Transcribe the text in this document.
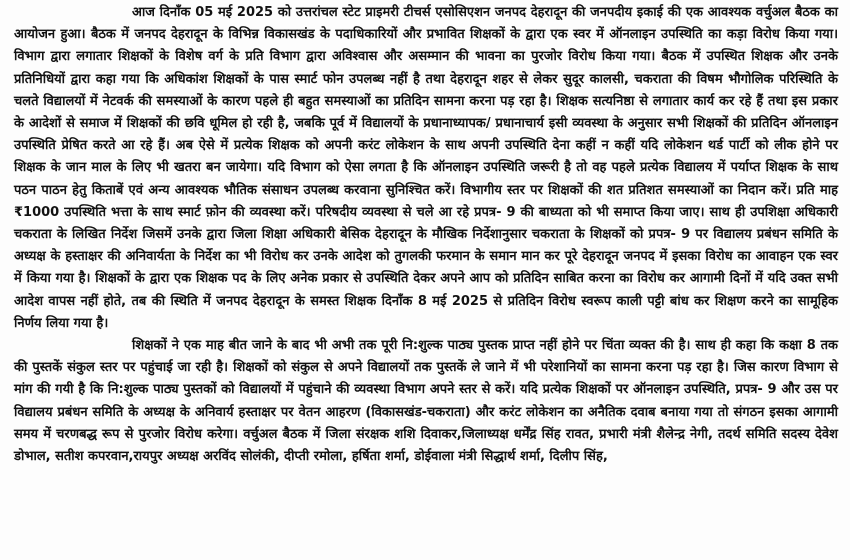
आज दिनाँक 05 मई 2025 को उत्तरांचल स्टेट प्राइमरी टीचर्स एसोसिएशन जनपद देहरादून की जनपदीय इकाई की एक आवश्यक वर्चुअल बैठक का आयोजन हुआ। बैठक में जनपद देहरादून के विभिन्न विकासखंड के पदाधिकारियों और प्रभावित शिक्षकों के द्वारा एक स्वर में ऑनलाइन उपस्थिति का कड़ा विरोध किया गया। विभाग द्वारा लगातार शिक्षकों के विशेष वर्ग के प्रति विभाग द्वारा अविश्वास और असम्मान की भावना का पुरजोर विरोध किया गया। बैठक में उपस्थित शिक्षक और उनके प्रतिनिधियों द्वारा कहा गया कि अधिकांश शिक्षकों के पास स्मार्ट फोन उपलब्ध नहीं है तथा देहरादून शहर से लेकर सुदूर कालसी, चकराता की विषम भौगोलिक परिस्थिति के चलते विद्यालयों में नेटवर्क की समस्याओं के कारण पहले ही बहुत समस्याओं का प्रतिदिन सामना करना पड़ रहा है। शिक्षक सत्यनिष्ठा से लगातार कार्य कर रहे हैं तथा इस प्रकार के आदेशों से समाज में शिक्षकों की छवि धूमिल हो रही है, जबकि पूर्व में विद्यालयों के प्रधानाध्यापक/ प्रधानाचार्य इसी व्यवस्था के अनुसार सभी शिक्षकों की प्रतिदिन ऑनलाइन उपस्थिति प्रेषित करते आ रहे हैं। अब ऐसे में प्रत्येक शिक्षक को अपनी करंट लोकेशन के साथ अपनी उपस्थिति देना कहीं न कहीं यदि लोकेशन थर्ड पार्टी को लीक होने पर शिक्षक के जान माल के लिए भी खतरा बन जायेगा। यदि विभाग को ऐसा लगता है कि ऑनलाइन उपस्थिति जरूरी है तो वह पहले प्रत्येक विद्यालय में पर्याप्त शिक्षक के साथ पठन पाठन हेतु किताबें एवं अन्य आवश्यक भौतिक संसाधन उपलब्ध करवाना सुनिश्चित करें। विभागीय स्तर पर शिक्षकों की शत प्रतिशत समस्याओं का निदान करें। प्रति माह ₹1000 उपस्थिति भत्ता के साथ स्मार्ट फ़ोन की व्यवस्था करें। परिषदीय व्यवस्था से चले आ रहे प्रपत्र- 9 की बाध्यता को भी समाप्त किया जाए। साथ ही उपशिक्षा अधिकारी चकराता के लिखित निर्देश जिसमें उनके द्वारा जिला शिक्षा अधिकारी बेसिक देहरादून के मौखिक निर्देशानुसार चकराता के शिक्षकों को प्रपत्र- 9 पर विद्यालय प्रबंधन समिति के अध्यक्ष के हस्ताक्षर की अनिवार्यता के निर्देश का भी विरोध कर उनके आदेश को तुगलकी फरमान के समान मान कर पूरे देहरादून जनपद में इसका विरोध का आवाहन एक स्वर में किया गया है। शिक्षकों के द्वारा एक शिक्षक पद के लिए अनेक प्रकार से उपस्थिति देकर अपने आप को प्रतिदिन साबित करना का विरोध कर आगामी दिनों में यदि उक्त सभी आदेश वापस नहीं होते, तब की स्थिति में जनपद देहरादून के समस्त शिक्षक दिनाँक 8 मई 2025 से प्रतिदिन विरोध स्वरूप काली पट्टी बांध कर शिक्षण करने का सामूहिक निर्णय लिया गया है।

शिक्षकों ने एक माह बीत जाने के बाद भी अभी तक पूरी नि:शुल्क पाठ्य पुस्तक प्राप्त नहीं होने पर चिंता व्यक्त की है। साथ ही कहा कि कक्षा 8 तक की पुस्तकें संकुल स्तर पर पहुंचाई जा रही है। शिक्षकों को संकुल से अपने विद्यालयों तक पुस्तकें ले जाने में भी परेशानियों का सामना करना पड़ रहा है। जिस कारण विभाग से मांग की गयी है कि नि:शुल्क पाठ्य पुस्तकों को विद्यालयों में पहुंचाने की व्यवस्था विभाग अपने स्तर से करें। यदि प्रत्येक शिक्षकों पर ऑनलाइन उपस्थिति, प्रपत्र- 9 और उस पर विद्यालय प्रबंधन समिति के अध्यक्ष के अनिवार्य हस्ताक्षर पर वेतन आहरण (विकासखंड-चकराता) और करंट लोकेशन का अनैतिक दवाब बनाया गया तो संगठन इसका आगामी समय में चरणबद्ध रूप से पुरजोर विरोध करेगा। वर्चुअल बैठक में जिला संरक्षक शशि दिवाकर,जिलाध्यक्ष धर्मेंद्र सिंह रावत, प्रभारी मंत्री शैलेन्द्र नेगी, तदर्थ समिति सदस्य देवेश डोभाल, सतीश कपरवान,रायपुर अध्यक्ष अरविंद सोलंकी, दीप्ती रमोला, हर्षिता शर्मा, डोईवाला मंत्री सिद्धार्थ शर्मा, दिलीप सिंह,
